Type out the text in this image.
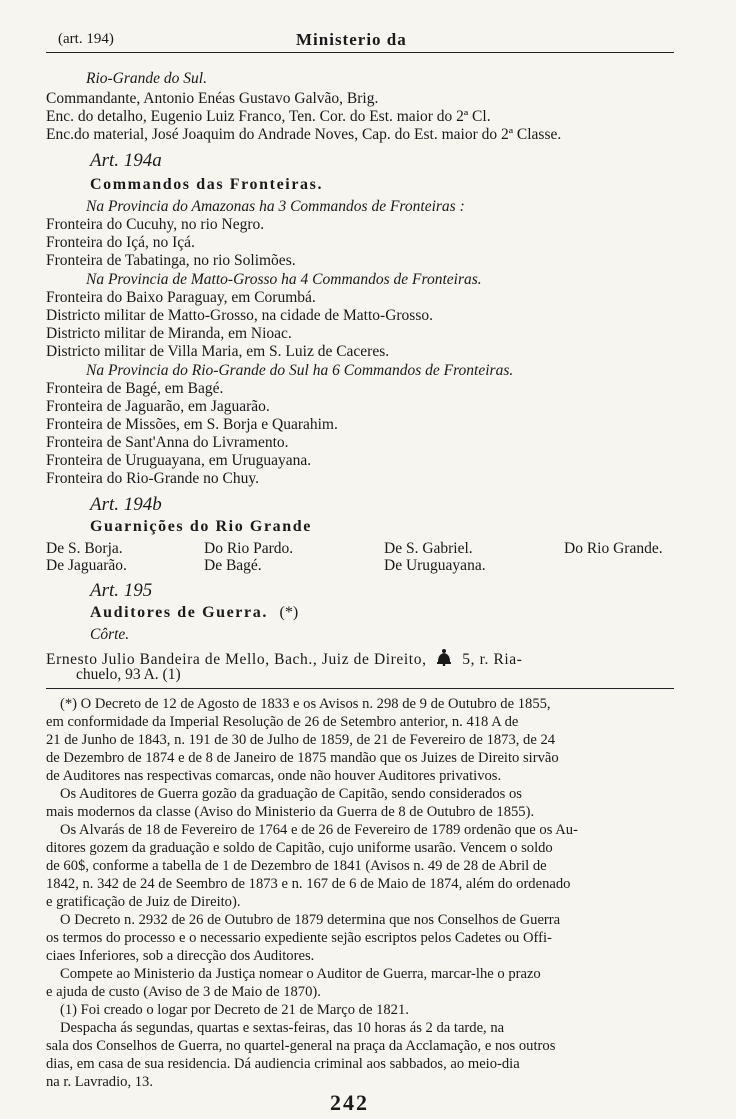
(art. 194)	Ministerio da
Rio-Grande do Sul.
Commandante, Antonio Enéas Gustavo Galvão, Brig.
Enc. do detalho, Eugenio Luiz Franco, Ten. Cor. do Est. maior do 2ª Cl.
Enc.do material, José Joaquim do Andrade Noves, Cap. do Est. maior do 2ª Classe.
Art. 194a
Commandos das Fronteiras.
Na Provincia do Amazonas ha 3 Commandos de Fronteiras :
Fronteira do Cucuhy, no rio Negro.
Fronteira do Içá, no Içá.
Fronteira de Tabatinga, no rio Solimões.
Na Provincia de Matto-Grosso ha 4 Commandos de Fronteiras.
Fronteira do Baixo Paraguay, em Corumbá.
Districto militar de Matto-Grosso, na cidade de Matto-Grosso.
Districto militar de Miranda, em Nioac.
Districto militar de Villa Maria, em S. Luiz de Caceres.
Na Provincia do Rio-Grande do Sul ha 6 Commandos de Fronteiras.
Fronteira de Bagé, em Bagé.
Fronteira de Jaguarão, em Jaguarão.
Fronteira de Missões, em S. Borja e Quarahim.
Fronteira de Sant'Anna do Livramento.
Fronteira de Uruguayana, em Uruguayana.
Fronteira do Rio-Grande no Chuy.
Art. 194b
Guarnições do Rio Grande
De S. Borja.	Do Rio Pardo.	De S. Gabriel.	Do Rio Grande.
De Jaguarão.	De Bagé.	De Uruguayana.
Art. 195
Auditores de Guerra. (*)
Côrte.
Ernesto Julio Bandeira de Mello, Bach., Juiz de Direito, 5, r. Ria-
chuelo, 93 A. (1)
(*) O Decreto de 12 de Agosto de 1833 e os Avisos n. 298 de 9 de Outubro de 1855,
em conformidade da Imperial Resolução de 26 de Setembro anterior, n. 418 A de
21 de Junho de 1843, n. 191 de 30 de Julho de 1859, de 21 de Fevereiro de 1873, de 24
de Dezembro de 1874 e de 8 de Janeiro de 1875 mandão que os Juizes de Direito sirvão
de Auditores nas respectivas comarcas, onde não houver Auditores privativos.
Os Auditores de Guerra gozão da graduação de Capitão, sendo considerados os
mais modernos da classe (Aviso do Ministerio da Guerra de 8 de Outubro de 1855).
Os Alvarás de 18 de Fevereiro de 1764 e de 26 de Fevereiro de 1789 ordenão que os Au-
ditores gozem da graduação e soldo de Capitão, cujo uniforme usarão. Vencem o soldo
de 60$, conforme a tabella de 1 de Dezembro de 1841 (Avisos n. 49 de 28 de Abril de
1842, n. 342 de 24 de Seembro de 1873 e n. 167 de 6 de Maio de 1874, além do ordenado
e gratificação de Juiz de Direito).
O Decreto n. 2932 de 26 de Outubro de 1879 determina que nos Conselhos de Guerra
os termos do processo e o necessario expediente sejão escriptos pelos Cadetes ou Offi-
ciaes Inferiores, sob a direcção dos Auditores.
Compete ao Ministerio da Justiça nomear o Auditor de Guerra, marcar-lhe o prazo
e ajuda de custo (Aviso de 3 de Maio de 1870).
(1) Foi creado o logar por Decreto de 21 de Março de 1821.
Despacha ás segundas, quartas e sextas-feiras, das 10 horas ás 2 da tarde, na
sala dos Conselhos de Guerra, no quartel-general na praça da Acclamação, e nos outros
dias, em casa de sua residencia. Dá audiencia criminal aos sabbados, ao meio-dia
na r. Lavradio, 13.
242
